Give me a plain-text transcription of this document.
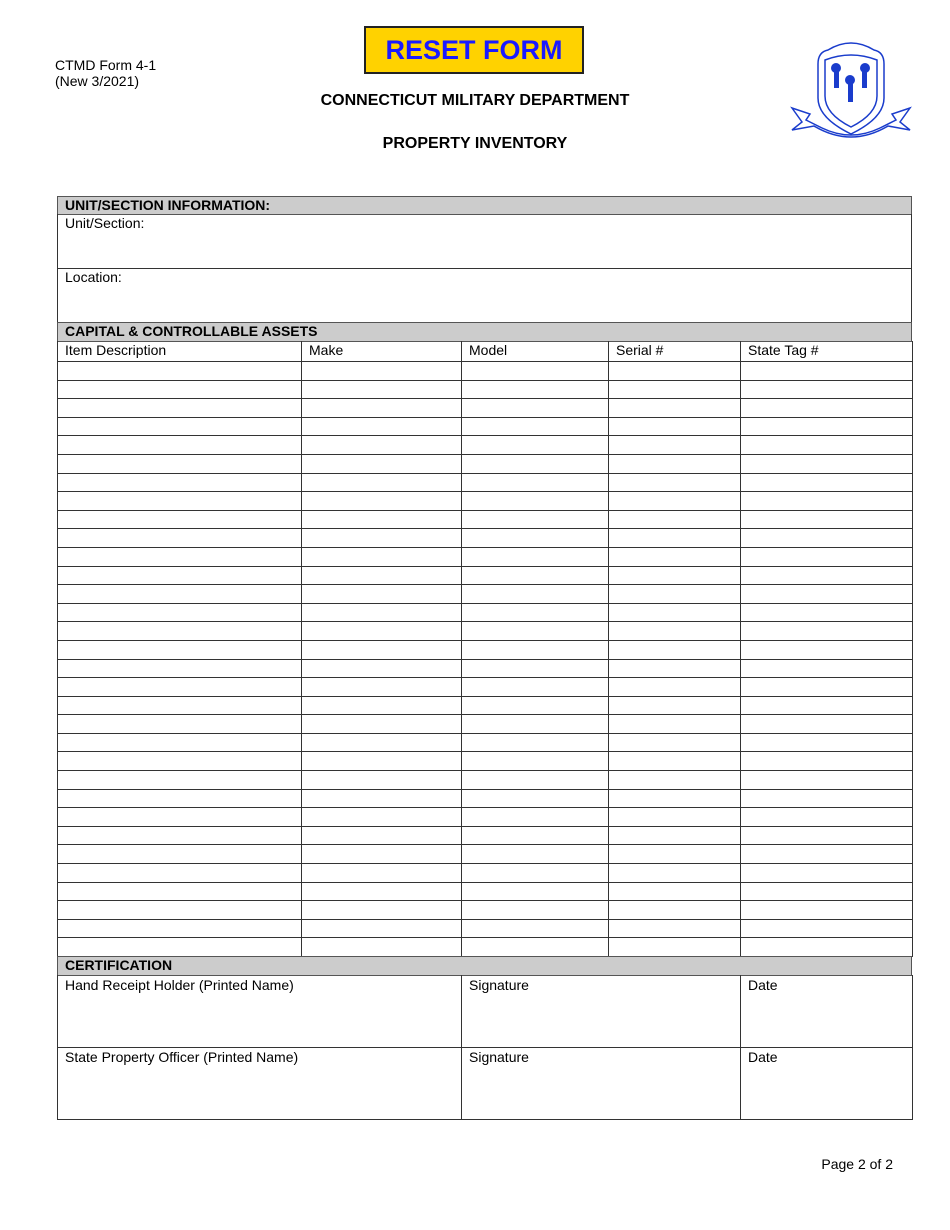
CTMD Form 4-1
(New 3/2021)
RESET FORM
CONNECTICUT MILITARY DEPARTMENT
PROPERTY INVENTORY
UNIT/SECTION INFORMATION:
Unit/Section:
Location:
CAPITAL & CONTROLLABLE ASSETS
Item Description	Make	Model	Serial #	State Tag #
CERTIFICATION
Hand Receipt Holder (Printed Name)	Signature	Date
State Property Officer (Printed Name)	Signature	Date
Page 2 of 2
